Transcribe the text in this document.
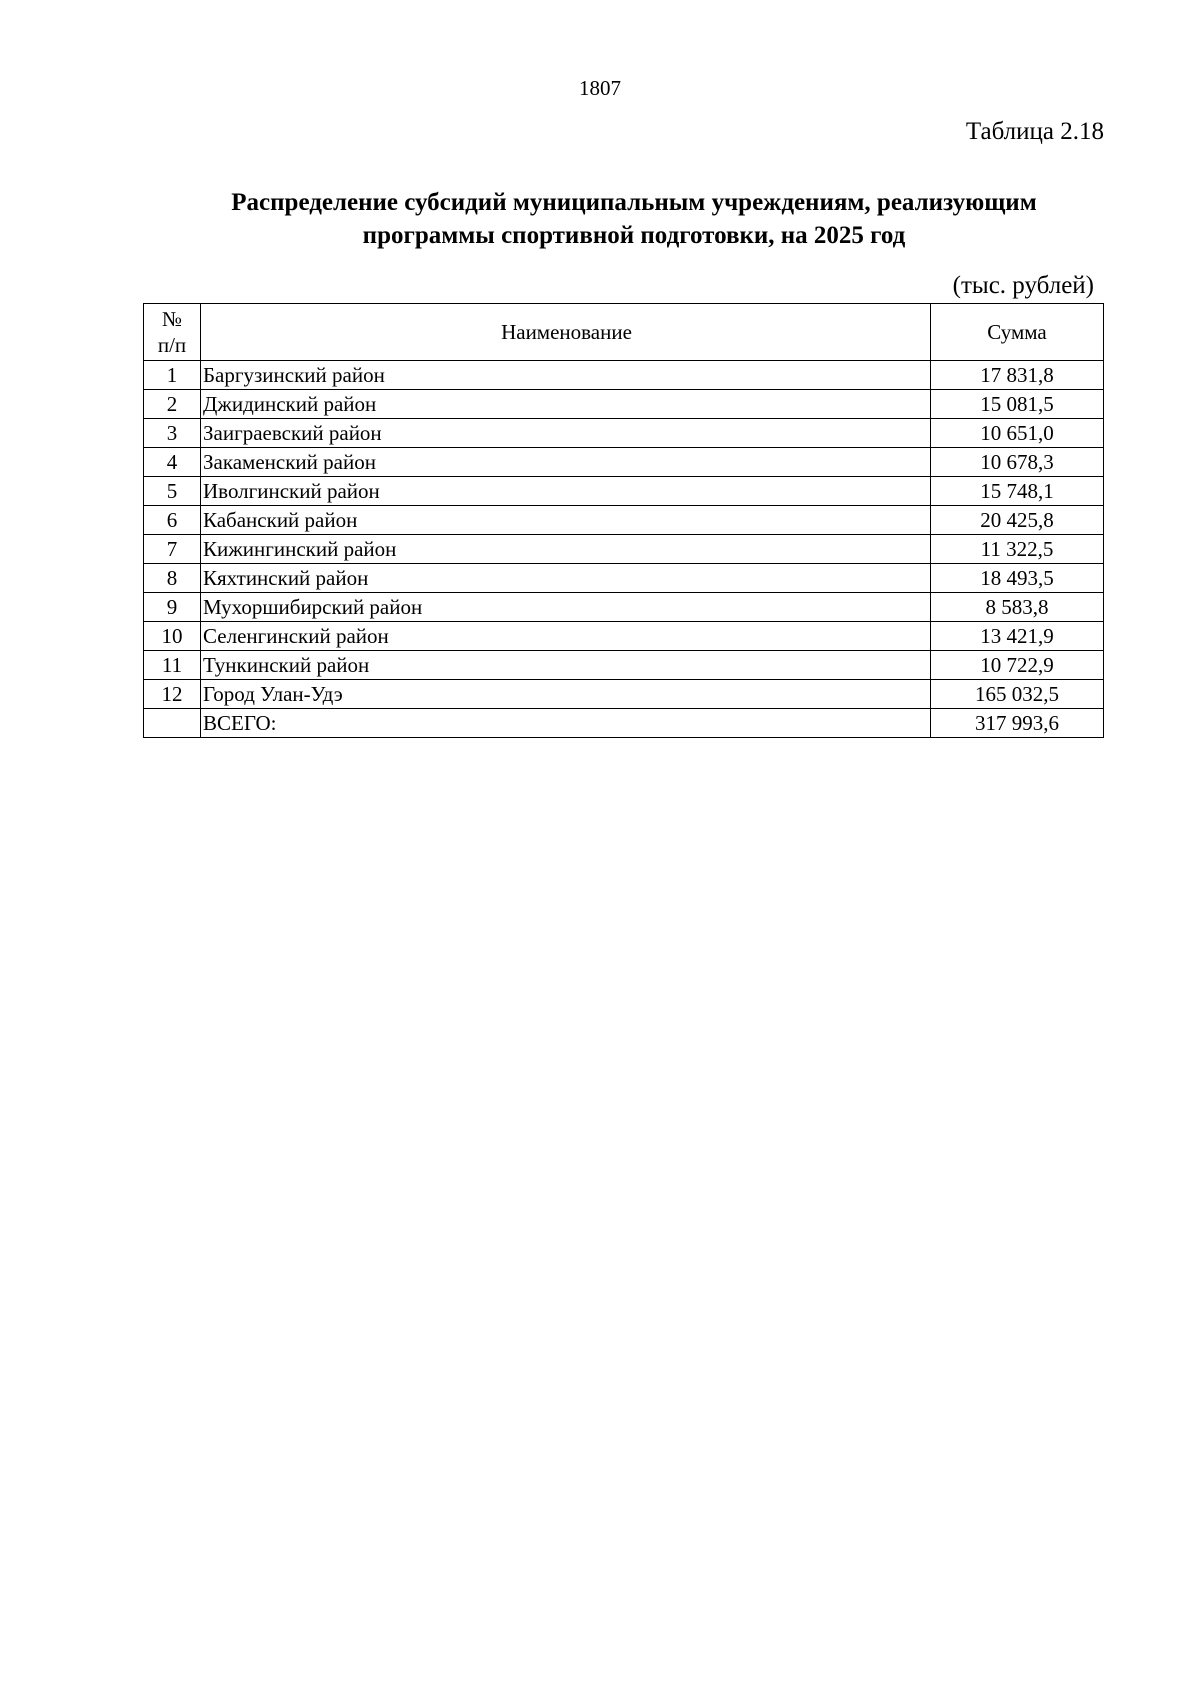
1807
Таблица 2.18
Распределение субсидий муниципальным учреждениям, реализующим
программы спортивной подготовки, на 2025 год
(тыс. рублей)
№
п/п	Наименование	Сумма
1	Баргузинский район	17 831,8
2	Джидинский район	15 081,5
3	Заиграевский район	10 651,0
4	Закаменский район	10 678,3
5	Иволгинский район	15 748,1
6	Кабанский район	20 425,8
7	Кижингинский район	11 322,5
8	Кяхтинский район	18 493,5
9	Мухоршибирский район	8 583,8
10	Селенгинский район	13 421,9
11	Тункинский район	10 722,9
12	Город Улан-Удэ	165 032,5
	ВСЕГО:	317 993,6
